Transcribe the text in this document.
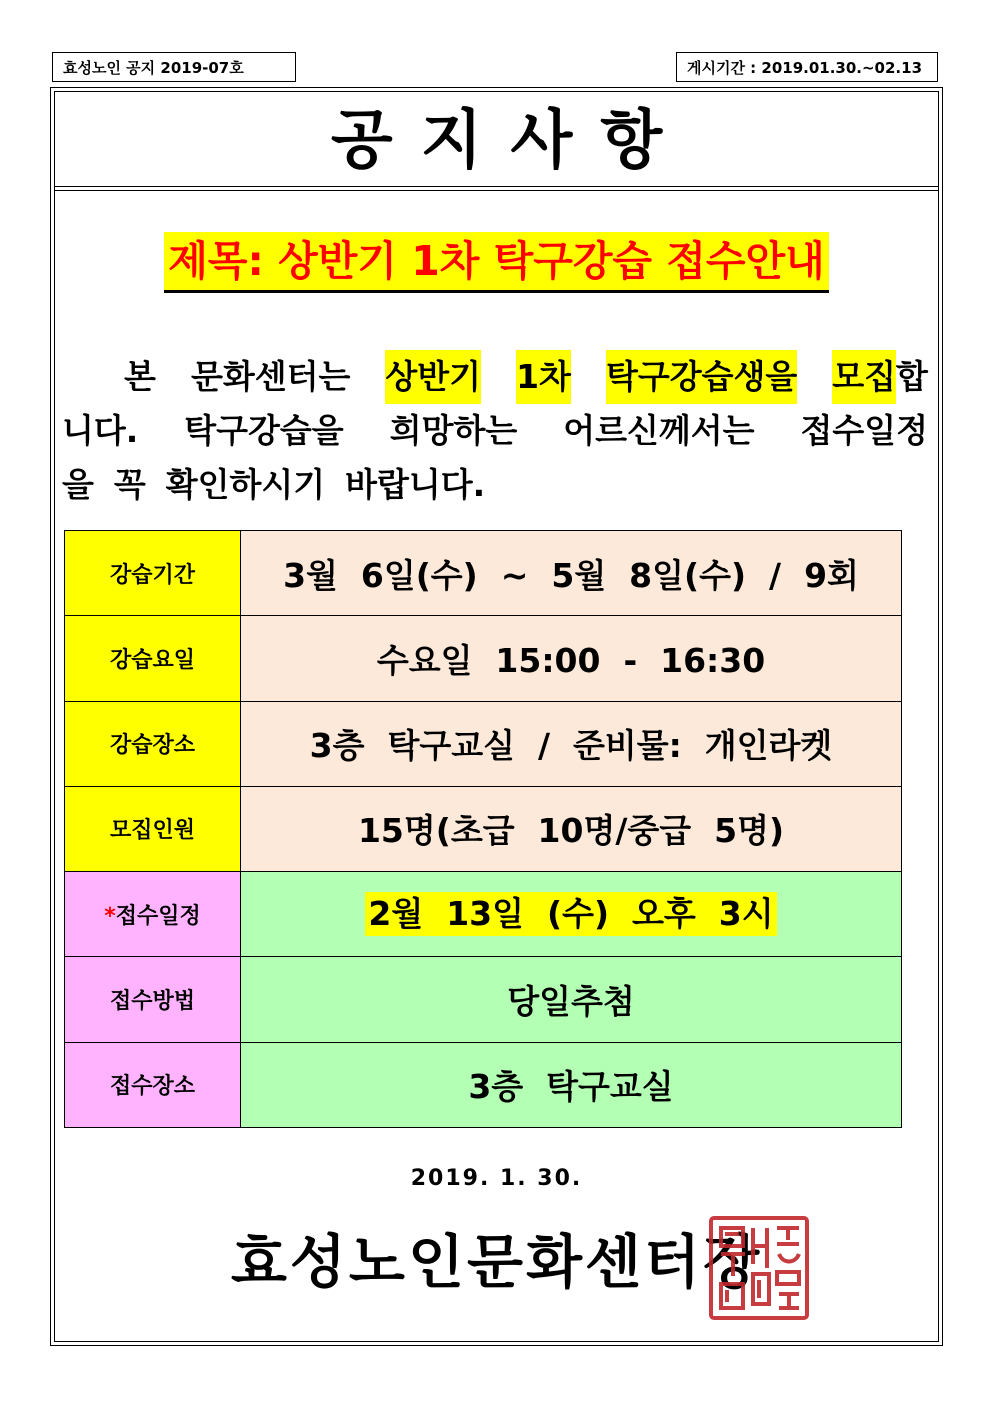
효성노인 공지 2019-07호	게시기간 : 2019.01.30.~02.13
공지사항
제목: 상반기 1차 탁구강습 접수안내
본 문화센터는 상반기 1차 탁구강습생을 모집합
니다. 탁구강습을 희망하는 어르신께서는 접수일정
을 꼭 확인하시기 바랍니다.
강습기간	3월  6일(수)  ~  5월  8일(수)  /  9회
강습요일	수요일  15:00  -  16:30
강습장소	3층  탁구교실  /  준비물:  개인라켓
모집인원	15명(초급  10명/중급  5명)
*접수일정	2월  13일  (수)  오후  3시
접수방법	당일추첨
접수장소	3층  탁구교실
2019. 1. 30.
효성노인문화센터장
